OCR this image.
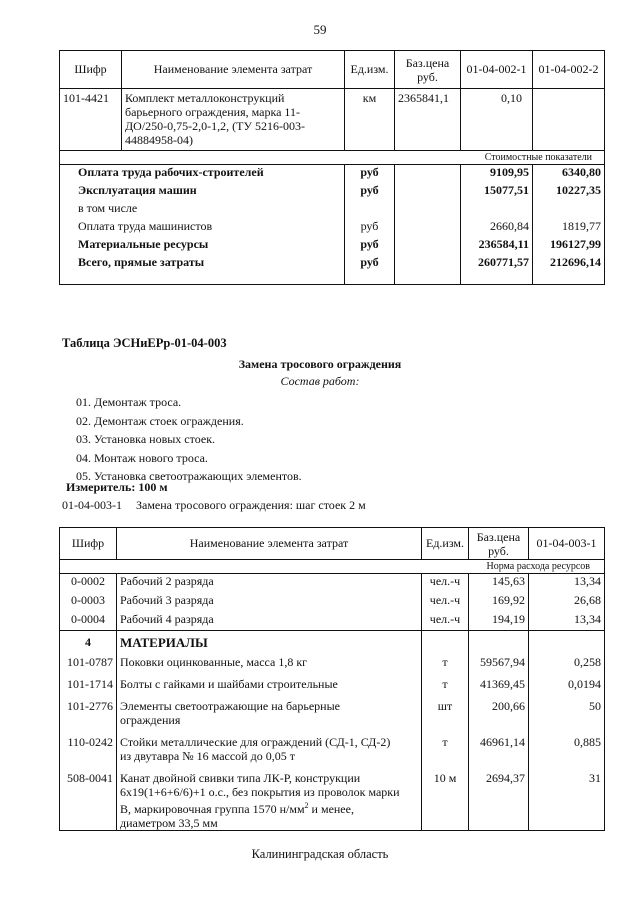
59
Шифр	Наименование элемента затрат	Ед.изм.	Баз.цена руб.	01-04-002-1	01-04-002-2
101-4421	Комплект металлоконструкций
барьерного ограждения, марка 11-
ДО/250-0,75-2,0-1,2, (ТУ 5216-003-
44884958-04)	км	2365841,1	0,10	
Стоимостные показатели					
Оплата труда рабочих-строителей		руб		9109,95	6340,80
Эксплуатация машин		руб		15077,51	10227,35
в том числе					
Оплата труда машинистов		руб		2660,84	1819,77
Материальные ресурсы		руб		236584,11	196127,99
Всего, прямые затраты		руб		260771,57	212696,14
Таблица ЭСНиЕРр-01-04-003
Замена тросового ограждения
Состав работ:
01. Демонтаж троса.
02. Демонтаж стоек ограждения.
03. Установка новых стоек.
04. Монтаж нового троса.
05. Установка светоотражающих элементов.
Измеритель: 100 м
01-04-003-1 Замена тросового ограждения: шаг стоек 2 м
Шифр	Наименование элемента затрат	Ед.изм.	Баз.цена руб.	01-04-003-1
Норма расхода ресурсов				
0-0002	Рабочий 2 разряда	чел.-ч	145,63	13,34
0-0003	Рабочий 3 разряда	чел.-ч	169,92	26,68
0-0004	Рабочий 4 разряда	чел.-ч	194,19	13,34
4	МАТЕРИАЛЫ			
101-0787	Поковки оцинкованные, масса 1,8 кг	т	59567,94	0,258
101-1714	Болты с гайками и шайбами строительные	т	41369,45	0,0194
101-2776	Элементы светоотражающие на барьерные
ограждения	шт	200,66	50
110-0242	Стойки металлические для ограждений (СД-1, СД-2)
из двутавра № 16 массой до 0,05 т	т	46961,14	0,885
508-0041	Канат двойной свивки типа ЛК-Р, конструкции
6х19(1+6+6/6)+1 о.с., без покрытия из проволок марки
В, маркировочная группа 1570 $н/мм^2$ и менее,
диаметром 33,5 мм	10 м	2694,37	31
Калининградская область
